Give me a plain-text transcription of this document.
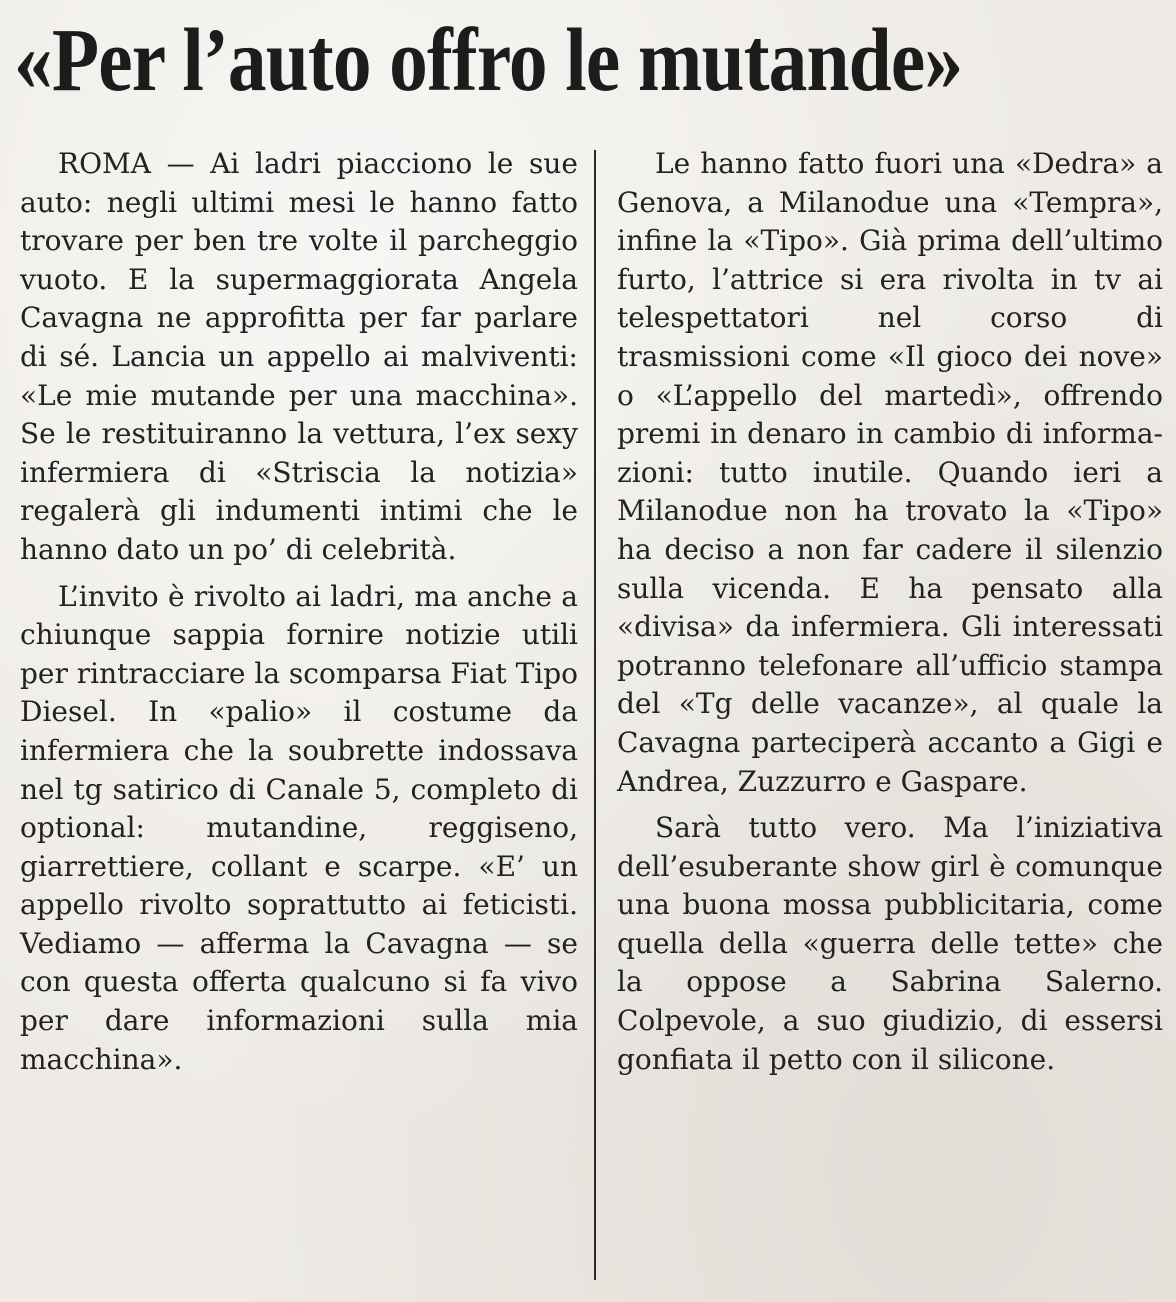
«Per l’auto offro le mutande»

ROMA — Ai ladri piacciono le sue auto: negli ultimi mesi le hanno fatto trovare per ben tre volte il parcheggio vuoto. E la supermaggiorata Angela Cavagna ne approfitta per far parlare di sé. Lancia un appello ai malviventi: «Le mie mutande per una macchina». Se le restituiranno la vettura, l’ex sexy infermiera di «Striscia la notizia» regalerà gli indumenti intimi che le hanno dato un po’ di celebrità.

L’invito è rivolto ai ladri, ma anche a chiunque sappia fornire notizie utili per rintracciare la scomparsa Fiat Tipo Diesel. In «palio» il costume da infermiera che la soubrette indossava nel tg satirico di Canale 5, completo di optional: mutandine, reggiseno, giarrettiere, collant e scarpe. «E’ un appello rivolto soprattutto ai feticisti. Vediamo — afferma la Cavagna — se con questa offerta qualcuno si fa vivo per dare informazioni sulla mia macchina».

Le hanno fatto fuori una «Dedra» a Genova, a Milanodue una «Tempra», infine la «Tipo». Già prima dell’ultimo furto, l’attrice si era rivolta in tv ai telespettatori nel corso di trasmissioni come «Il gioco dei nove» o «L’appello del martedì», offrendo premi in denaro in cambio di informazioni: tutto inutile. Quando ieri a Milanodue non ha trovato la «Tipo» ha deciso a non far cadere il silenzio sulla vicenda. E ha pensato alla «divisa» da infermiera. Gli interessati potranno telefonare all’ufficio stampa del «Tg delle vacanze», al quale la Cavagna parteciperà accanto a Gigi e Andrea, Zuzzurro e Gaspare.

Sarà tutto vero. Ma l’iniziativa dell’esuberante show girl è comunque una buona mossa pubblicitaria, come quella della «guerra delle tette» che la oppose a Sabrina Salerno. Colpevole, a suo giudizio, di essersi gonfiata il petto con il silicone.
